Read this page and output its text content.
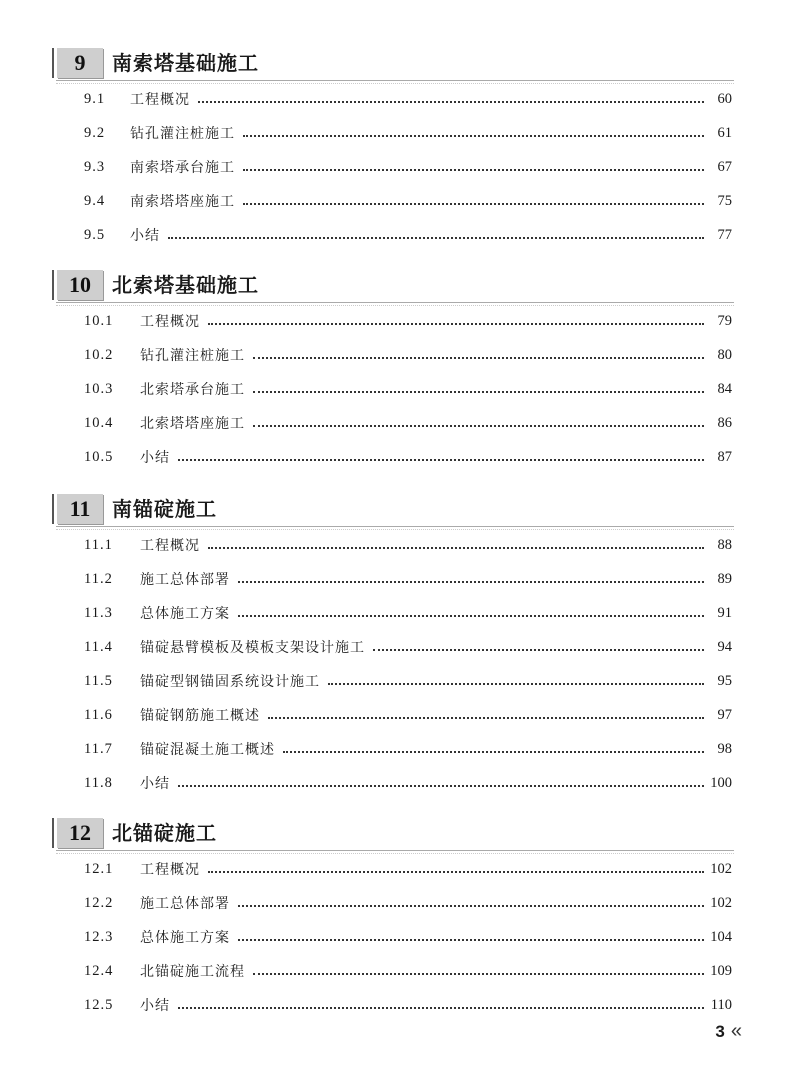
9	南索塔基础施工
9.1	工程概况	60
9.2	钻孔灌注桩施工	61
9.3	南索塔承台施工	67
9.4	南索塔塔座施工	75
9.5	小结	77
10	北索塔基础施工
10.1	工程概况	79
10.2	钻孔灌注桩施工	80
10.3	北索塔承台施工	84
10.4	北索塔塔座施工	86
10.5	小结	87
11	南锚碇施工
11.1	工程概况	88
11.2	施工总体部署	89
11.3	总体施工方案	91
11.4	锚碇悬臂模板及模板支架设计施工	94
11.5	锚碇型钢锚固系统设计施工	95
11.6	锚碇钢筋施工概述	97
11.7	锚碇混凝土施工概述	98
11.8	小结	100
12	北锚碇施工
12.1	工程概况	102
12.2	施工总体部署	102
12.3	总体施工方案	104
12.4	北锚碇施工流程	109
12.5	小结	110
3 «
